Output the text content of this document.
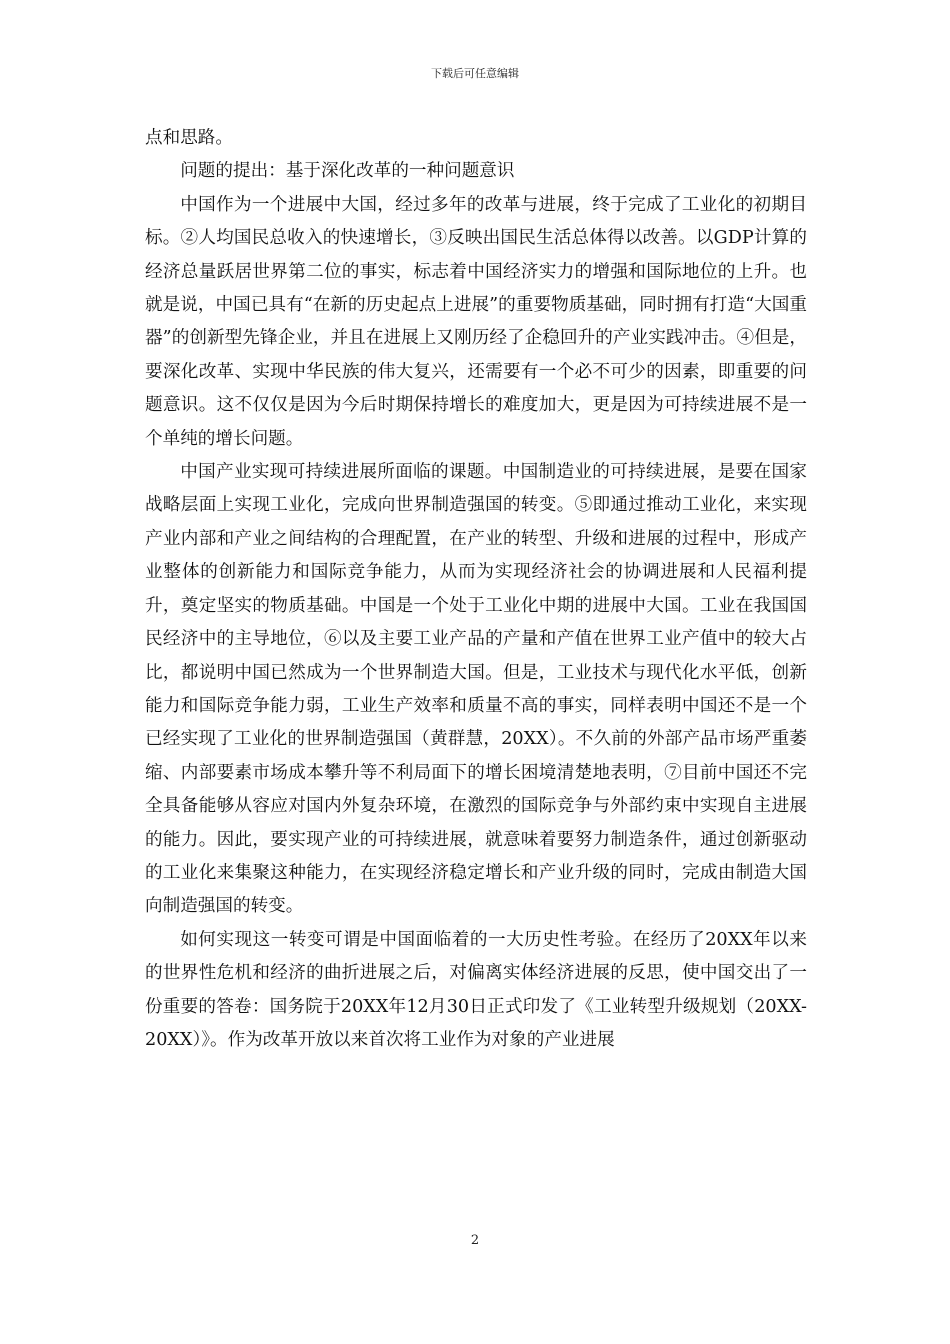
下载后可任意编辑

点和思路。

问题的提出：基于深化改革的一种问题意识

中国作为一个进展中大国，经过多年的改革与进展，终于完成了工业化的初期目标。②人均国民总收入的快速增长，③反映出国民生活总体得以改善。以GDP计算的经济总量跃居世界第二位的事实，标志着中国经济实力的增强和国际地位的上升。也就是说，中国已具有“在新的历史起点上进展”的重要物质基础，同时拥有打造“大国重器”的创新型先锋企业，并且在进展上又刚历经了企稳回升的产业实践冲击。④但是，要深化改革、实现中华民族的伟大复兴，还需要有一个必不可少的因素，即重要的问题意识。这不仅仅是因为今后时期保持增长的难度加大，更是因为可持续进展不是一个单纯的增长问题。

中国产业实现可持续进展所面临的课题。中国制造业的可持续进展，是要在国家战略层面上实现工业化，完成向世界制造强国的转变。⑤即通过推动工业化，来实现产业内部和产业之间结构的合理配置，在产业的转型、升级和进展的过程中，形成产业整体的创新能力和国际竞争能力，从而为实现经济社会的协调进展和人民福利提升，奠定坚实的物质基础。中国是一个处于工业化中期的进展中大国。工业在我国国民经济中的主导地位，⑥以及主要工业产品的产量和产值在世界工业产值中的较大占比，都说明中国已然成为一个世界制造大国。但是，工业技术与现代化水平低，创新能力和国际竞争能力弱，工业生产效率和质量不高的事实，同样表明中国还不是一个已经实现了工业化的世界制造强国（黄群慧，20XX）。不久前的外部产品市场严重萎缩、内部要素市场成本攀升等不利局面下的增长困境清楚地表明，⑦目前中国还不完全具备能够从容应对国内外复杂环境，在激烈的国际竞争与外部约束中实现自主进展的能力。因此，要实现产业的可持续进展，就意味着要努力制造条件，通过创新驱动的工业化来集聚这种能力，在实现经济稳定增长和产业升级的同时，完成由制造大国向制造强国的转变。

如何实现这一转变可谓是中国面临着的一大历史性考验。在经历了20XX年以来的世界性危机和经济的曲折进展之后，对偏离实体经济进展的反思，使中国交出了一份重要的答卷：国务院于20XX年12月30日正式印发了《工业转型升级规划（20XX-20XX）》。作为改革开放以来首次将工业作为对象的产业进展

2
